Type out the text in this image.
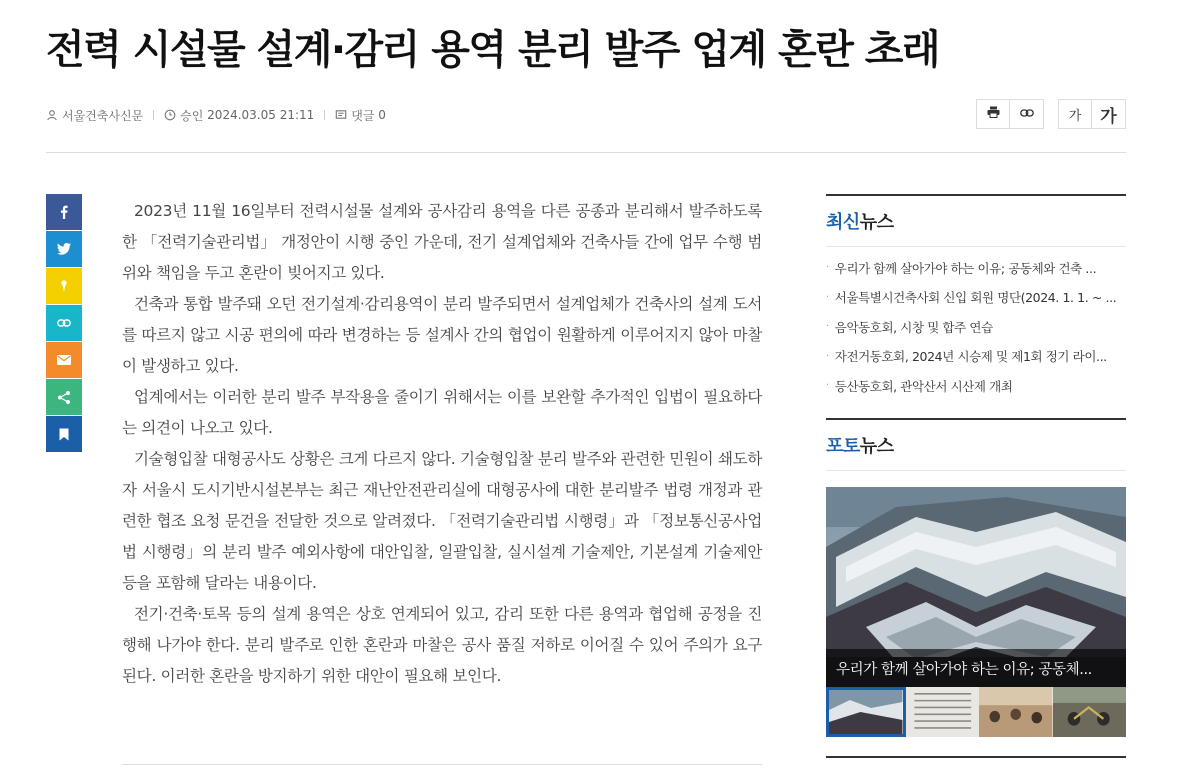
전력 시설물 설계·감리 용역 분리 발주 업계 혼란 초래
서울건축사신문	승인
2024.03.05 21:11	댓글
0	가	가

2023년 11월 16일부터 전력시설물 설계와 공사감리 용역을 다른 공종과 분리해서 발주하도록 한 「전력기술관리법」 개정안이 시행 중인 가운데, 전기 설계업체와 건축사들 간에 업무 수행 범위와 책임을 두고 혼란이 빚어지고 있다.

건축과 통합 발주돼 오던 전기설계·감리용역이 분리 발주되면서 설계업체가 건축사의 설계 도서를 따르지 않고 시공 편의에 따라 변경하는 등 설계사 간의 협업이 원활하게 이루어지지 않아 마찰이 발생하고 있다.

업계에서는 이러한 분리 발주 부작용을 줄이기 위해서는 이를 보완할 추가적인 입법이 필요하다는 의견이 나오고 있다.

기술형입찰 대형공사도 상황은 크게 다르지 않다. 기술형입찰 분리 발주와 관련한 민원이 쇄도하자 서울시 도시기반시설본부는 최근 재난안전관리실에 대형공사에 대한 분리발주 법령 개정과 관련한 협조 요청 문건을 전달한 것으로 알려졌다. 「전력기술관리법 시행령」과 「정보통신공사업법 시행령」의 분리 발주 예외사항에 대안입찰, 일괄입찰, 실시설계 기술제안, 기본설계 기술제안 등을 포함해 달라는 내용이다.

전기·건축·토목 등의 설계 용역은 상호 연계되어 있고, 감리 또한 다른 용역과 협업해 공정을 진행해 나가야 한다. 분리 발주로 인한 혼란과 마찰은 공사 품질 저하로 이어질 수 있어 주의가 요구된다. 이러한 혼란을 방지하기 위한 대안이 필요해 보인다.

최신 뉴스
· 우리가 함께 살아가야 하는 이유; 공동체와 건축 ...
· 서울특별시건축사회 신입 회원 명단(2024. 1. 1. ~ ...
· 음악동호회, 시창 및 합주 연습
· 자전거동호회, 2024년 시승제 및 제1회 정기 라이...
· 등산동호회, 관악산서 시산제 개최
포토 뉴스
우리가 함께 살아가야 하는 이유; 공동체...
